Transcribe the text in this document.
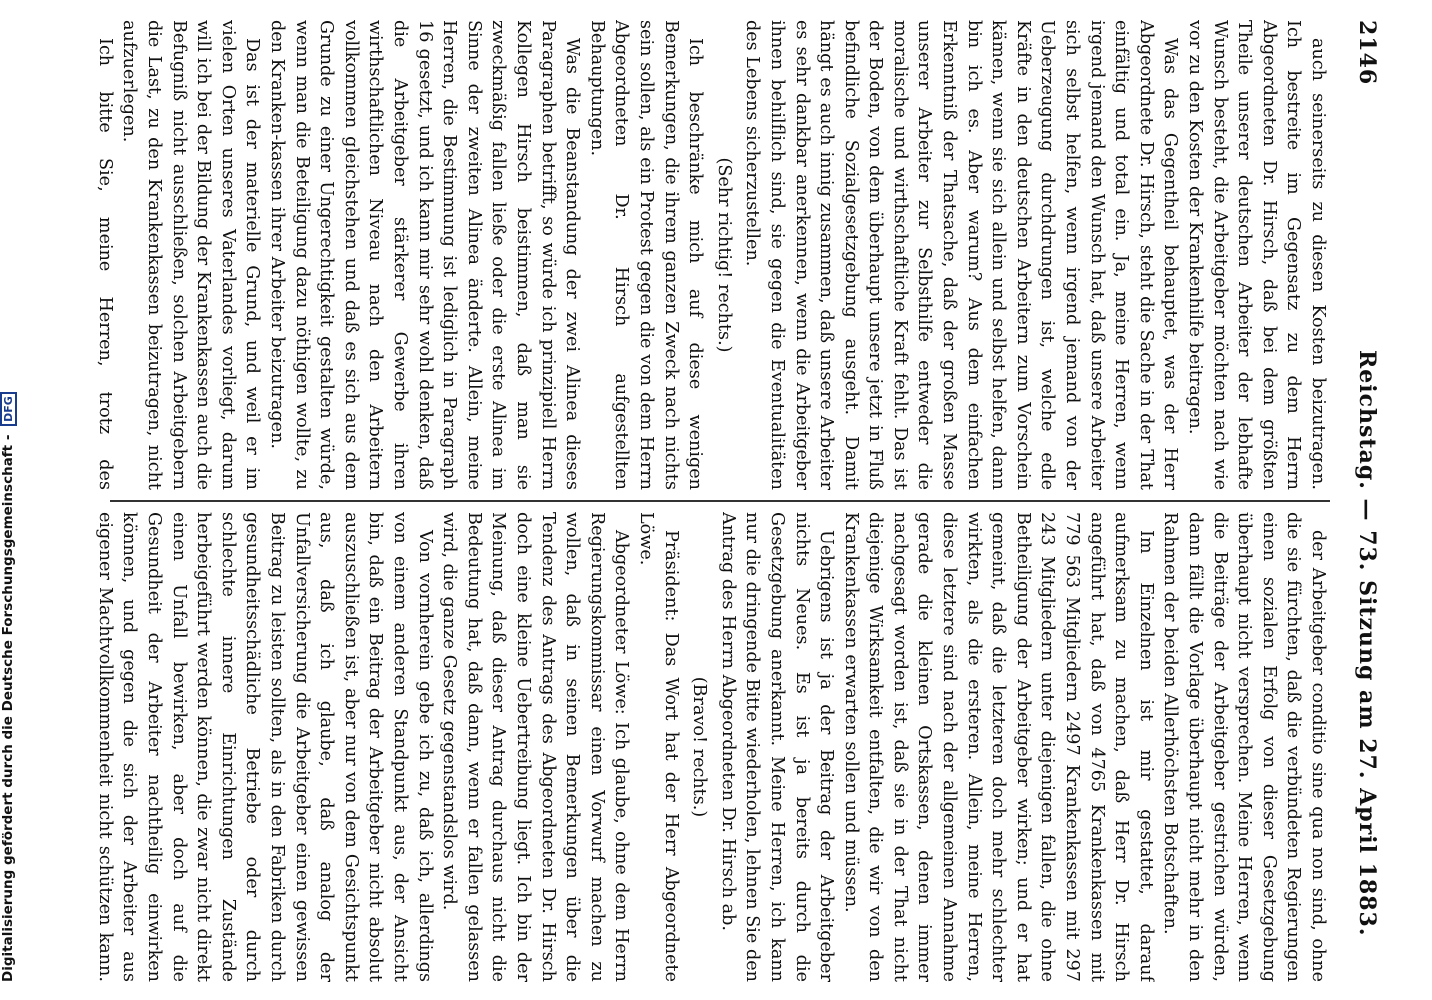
2146
Reichstag. — 73. Sitzung am 27. April 1883.

auch seinerseits zu diesen Kosten beizutragen. Ich bestreite im Gegensatz zu dem Herrn Abgeordneten Dr. Hirsch, daß bei dem größten Theile unserer deutschen Arbeiter der lebhafte Wunsch besteht, die Arbeitgeber möchten nach wie vor zu den Kosten der Krankenhilfe beitragen.

Was das Gegentheil behauptet, was der Herr Abgeordnete Dr. Hirsch, steht die Sache in der That einfältig und total ein. Ja, meine Herren, wenn irgend jemand den Wunsch hat, daß unsere Arbeiter sich selbst helfen, wenn irgend jemand von der Ueberzeugung durchdrungen ist, welche edle Kräfte in den deutschen Arbeitern zum Vorschein kämen, wenn sie sich allein und selbst helfen, dann bin ich es. Aber warum? Aus dem einfachen Erkenntniß der Thatsache, daß der großen Masse unserer Arbeiter zur Selbsthilfe entweder die moralische und wirthschaftliche Kraft fehlt. Das ist der Boden, von dem überhaupt unsere jetzt in Fluß befindliche Sozialgesetzgebung ausgeht. Damit hängt es auch innig zusammen, daß unsere Arbeiter es sehr dankbar anerkennen, wenn die Arbeitgeber ihnen behilflich sind, sie gegen die Eventualitäten des Lebens sicherzustellen.

(Sehr richtig! rechts.)

Ich beschränke mich auf diese wenigen Bemerkungen, die ihrem ganzen Zweck nach nichts sein sollen, als ein Protest gegen die von dem Herrn Abgeordneten Dr. Hirsch aufgestellten Behauptungen.

Was die Beanstandung der zwei Alinea dieses Paragraphen betrifft, so würde ich prinzipiell Herrn Kollegen Hirsch beistimmen, daß man sie zweckmäßig fallen ließe oder die erste Alinea im Sinne der zweiten Alinea änderte. Allein, meine Herren, die Bestimmung ist lediglich in Paragraph 16 gesetzt, und ich kann mir sehr wohl denken, daß die Arbeitgeber stärkerer Gewerbe ihren wirthschaftlichen Niveau nach den Arbeitern vollkommen gleichstehen und daß es sich aus dem Grunde zu einer Ungerechtigkeit gestalten würde, wenn man die Beteiligung dazu nöthigen wollte, zu den Kranken-kassen ihrer Arbeiter beizutragen.

Das ist der materielle Grund, und weil er im vielen Orten unseres Vaterlandes vorliegt, darum will ich bei der Bildung der Krankenkassen auch die Befugniß nicht ausschließen, solchen Arbeitgebern die Last, zu den Krankenkassen beizutragen, nicht aufzuerlegen.

Ich bitte Sie, meine Herren, trotz des

der Arbeitgeber conditio sine qua non sind, ohne die sie fürchten, daß die verbündeten Regierungen einen sozialen Erfolg von dieser Gesetzgebung überhaupt nicht versprechen. Meine Herren, wenn die Beiträge der Arbeitgeber gestrichen würden, dann fällt die Vorlage überhaupt nicht mehr in den Rahmen der beiden Allerhöchsten Botschaften.

Im Einzelnen ist mir gestattet, darauf aufmerksam zu machen, daß Herr Dr. Hirsch angeführt hat, daß von 4765 Krankenkassen mit 779 563 Mitgliedern 2497 Krankenkassen mit 297 243 Mitgliedern unter diejenigen fallen, die ohne Betheiligung der Arbeitgeber wirken; und er hat gemeint, daß die letzteren doch mehr schlechter wirkten, als die ersteren. Allein, meine Herren, diese letztere sind nach der allgemeinen Annahme gerade die kleinen Ortskassen, denen immer nachgesagt worden ist, daß sie in der That nicht diejenige Wirksamkeit entfalten, die wir von den Krankenkassen erwarten sollen und müssen.

Uebrigens ist ja der Beitrag der Arbeitgeber nichts Neues. Es ist ja bereits durch die Gesetzgebung anerkannt. Meine Herren, ich kann nur die dringende Bitte wiederholen, lehnen Sie den Antrag des Herrn Abgeordneten Dr. Hirsch ab.

(Bravo! rechts.)

Präsident: Das Wort hat der Herr Abgeordnete Löwe.

Abgeordneter Löwe: Ich glaube, ohne dem Herrn Regierungskommissar einen Vorwurf machen zu wollen, daß in seinen Bemerkungen über die Tendenz des Antrags des Abgeordneten Dr. Hirsch doch eine kleine Uebertreibung liegt. Ich bin der Meinung, daß dieser Antrag durchaus nicht die Bedeutung hat, daß dann, wenn er fallen gelassen wird, die ganze Gesetz gegenstandslos wird.

Von vornherein gebe ich zu, daß ich, allerdings von einem anderen Standpunkt aus, der Ansicht bin, daß ein Beitrag der Arbeitgeber nicht absolut auszuschließen ist, aber nur von dem Gesichtspunkt aus, daß ich glaube, daß analog der Unfallversicherung die Arbeitgeber einen gewissen Beitrag zu leisten sollten, als in den Fabriken durch gesundheitsschädliche Betriebe oder durch schlechte innere Einrichtungen Zustände herbeigeführt werden können, die zwar nicht direkt einen Unfall bewirken, aber doch auf die Gesundheit der Arbeiter nachtheilig einwirken können, und gegen die sich der Arbeiter aus eigener Machtvollkommenheit nicht schützen kann.

Digitalisierung gefördert durch die Deutsche Forschungsgemeinschaft - DFG
